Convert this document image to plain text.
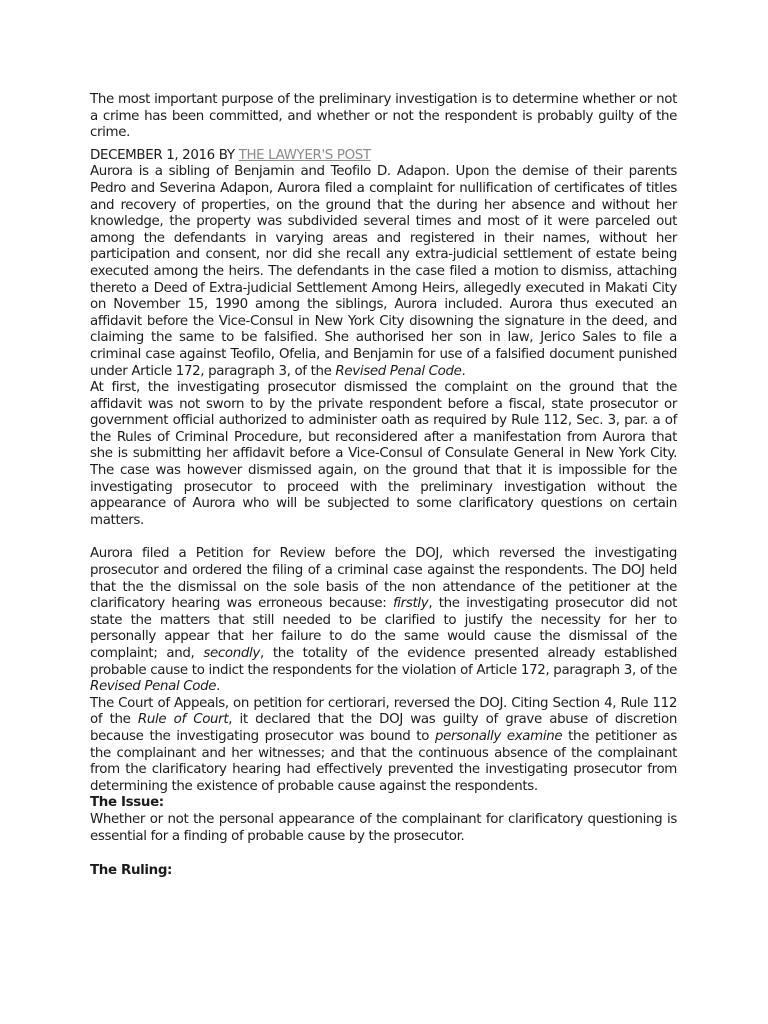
The most important purpose of the preliminary investigation is to determine whether or not a crime has been committed, and whether or not the respondent is probably guilty of the crime.

DECEMBER 1, 2016 BY THE LAWYER'S POST

Aurora is a sibling of Benjamin and Teofilo D. Adapon. Upon the demise of their parents Pedro and Severina Adapon, Aurora filed a complaint for nullification of certificates of titles and recovery of properties, on the ground that the during her absence and without her knowledge, the property was subdivided several times and most of it were parceled out among the defendants in varying areas and registered in their names, without her participation and consent, nor did she recall any extra-judicial settlement of estate being executed among the heirs. The defendants in the case filed a motion to dismiss, attaching thereto a Deed of Extra-judicial Settlement Among Heirs, allegedly executed in Makati City on November 15, 1990 among the siblings, Aurora included. Aurora thus executed an affidavit before the Vice-Consul in New York City disowning the signature in the deed, and claiming the same to be falsified. She authorised her son in law, Jerico Sales to file a criminal case against Teofilo, Ofelia, and Benjamin for use of a falsified document punished under Article 172, paragraph 3, of the Revised Penal Code.

At first, the investigating prosecutor dismissed the complaint on the ground that the affidavit was not sworn to by the private respondent before a fiscal, state prosecutor or government official authorized to administer oath as required by Rule 112, Sec. 3, par. a of the Rules of Criminal Procedure, but reconsidered after a manifestation from Aurora that she is submitting her affidavit before a Vice-Consul of Consulate General in New York City. The case was however dismissed again, on the ground that that it is impossible for the investigating prosecutor to proceed with the preliminary investigation without the appearance of Aurora who will be subjected to some clarificatory questions on certain matters.

Aurora filed a Petition for Review before the DOJ, which reversed the investigating prosecutor and ordered the filing of a criminal case against the respondents. The DOJ held that the the dismissal on the sole basis of the non attendance of the petitioner at the clarificatory hearing was erroneous because: firstly, the investigating prosecutor did not state the matters that still needed to be clarified to justify the necessity for her to personally appear that her failure to do the same would cause the dismissal of the complaint; and, secondly, the totality of the evidence presented already established probable cause to indict the respondents for the violation of Article 172, paragraph 3, of the Revised Penal Code.

The Court of Appeals, on petition for certiorari, reversed the DOJ. Citing Section 4, Rule 112 of the Rule of Court, it declared that the DOJ was guilty of grave abuse of discretion because the investigating prosecutor was bound to personally examine the petitioner as the complainant and her witnesses; and that the continuous absence of the complainant from the clarificatory hearing had effectively prevented the investigating prosecutor from determining the existence of probable cause against the respondents.

The Issue:

Whether or not the personal appearance of the complainant for clarificatory questioning is essential for a finding of probable cause by the prosecutor.

The Ruling:
